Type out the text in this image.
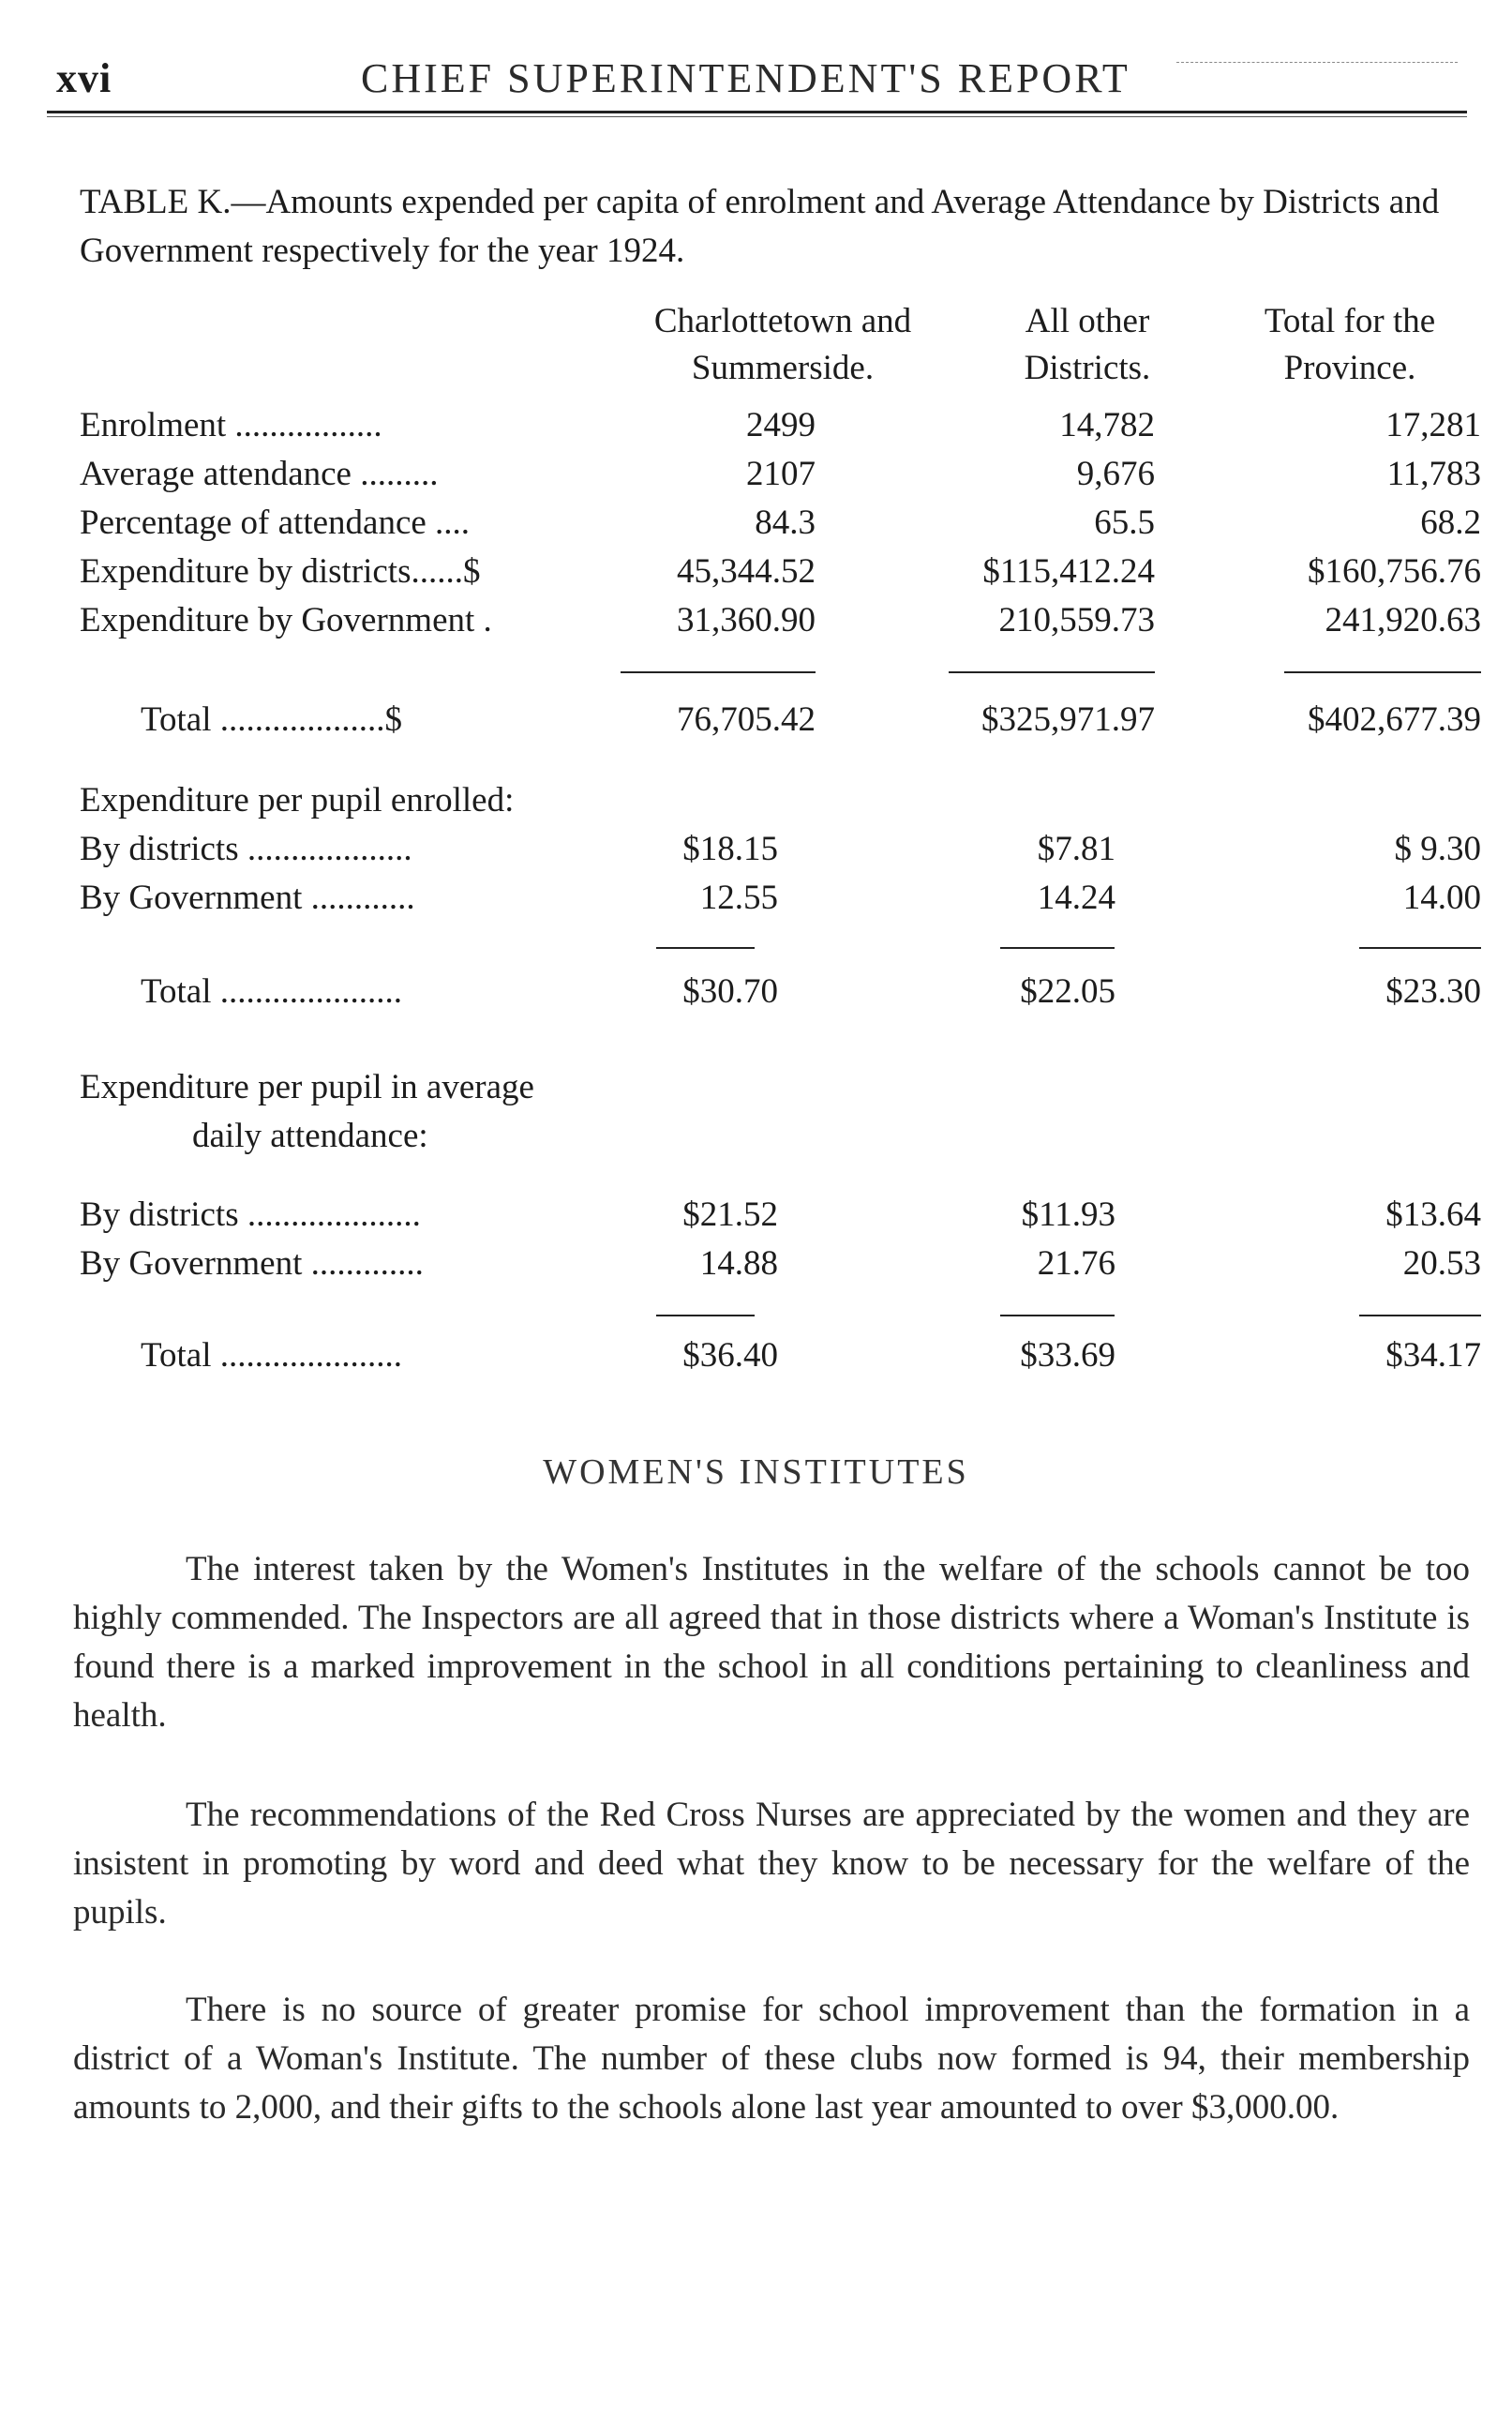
xvi	CHIEF SUPERINTENDENT'S REPORT
TABLE K.—Amounts expended per capita of enrolment and Average Attendance by Districts and Government respectively for the year 1924.
Charlottetown and
Summerside.
All other
Districts.
Total for the
Province.
Enrolment .................	2499	14,782	17,281
Average attendance .........	2107	9,676	11,783
Percentage of attendance ....	84.3	65.5	68.2
Expenditure by districts......$	45,344.52	$115,412.24	$160,756.76
Expenditure by Government .	31,360.90	210,559.73	241,920.63
Total ...................$	76,705.42	$325,971.97	$402,677.39
Expenditure per pupil enrolled:
By districts ...................	$18.15	$7.81	$ 9.30
By Government ............	12.55	14.24	14.00
Total .....................	$30.70	$22.05	$23.30
Expenditure per pupil in average
daily attendance:
By districts ....................	$21.52	$11.93	$13.64
By Government .............	14.88	21.76	20.53
Total .....................	$36.40	$33.69	$34.17
WOMEN'S INSTITUTES

The interest taken by the Women's Institutes in the welfare of the schools cannot be too highly commended. The Inspectors are all agreed that in those districts where a Woman's Institute is found there is a marked improvement in the school in all conditions pertaining to cleanliness and health.

The recommendations of the Red Cross Nurses are appreciated by the women and they are insistent in promoting by word and deed what they know to be necessary for the welfare of the pupils.

There is no source of greater promise for school improvement than the formation in a district of a Woman's Institute. The number of these clubs now formed is 94, their membership amounts to 2,000, and their gifts to the schools alone last year amounted to over $3,000.00.
